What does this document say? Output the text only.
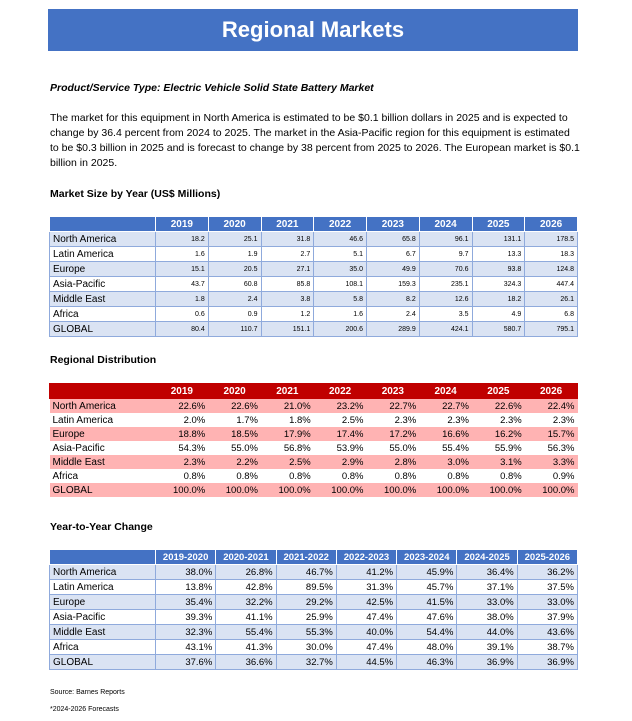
Regional Markets
Product/Service Type: Electric Vehicle Solid State Battery Market
The market for this equipment in North America is estimated to be $0.1 billion dollars in 2025 and is expected to change by 36.4 percent from 2024 to 2025. The market in the Asia-Pacific region for this equipment is estimated to be $0.3 billion in 2025 and is forecast to change by 38 percent from 2025 to 2026. The European market is $0.1 billion in 2025.
Market Size by Year (US$ Millions)
	2019	2020	2021	2022	2023	2024	2025	2026
North America	18.2	25.1	31.8	46.6	65.8	96.1	131.1	178.5
Latin America	1.6	1.9	2.7	5.1	6.7	9.7	13.3	18.3
Europe	15.1	20.5	27.1	35.0	49.9	70.6	93.8	124.8
Asia-Pacific	43.7	60.8	85.8	108.1	159.3	235.1	324.3	447.4
Middle East	1.8	2.4	3.8	5.8	8.2	12.6	18.2	26.1
Africa	0.6	0.9	1.2	1.6	2.4	3.5	4.9	6.8
GLOBAL	80.4	110.7	151.1	200.6	289.9	424.1	580.7	795.1
Regional Distribution
	2019	2020	2021	2022	2023	2024	2025	2026
North America	22.6%	22.6%	21.0%	23.2%	22.7%	22.7%	22.6%	22.4%
Latin America	2.0%	1.7%	1.8%	2.5%	2.3%	2.3%	2.3%	2.3%
Europe	18.8%	18.5%	17.9%	17.4%	17.2%	16.6%	16.2%	15.7%
Asia-Pacific	54.3%	55.0%	56.8%	53.9%	55.0%	55.4%	55.9%	56.3%
Middle East	2.3%	2.2%	2.5%	2.9%	2.8%	3.0%	3.1%	3.3%
Africa	0.8%	0.8%	0.8%	0.8%	0.8%	0.8%	0.8%	0.9%
GLOBAL	100.0%	100.0%	100.0%	100.0%	100.0%	100.0%	100.0%	100.0%
Year-to-Year Change
	2019-2020	2020-2021	2021-2022	2022-2023	2023-2024	2024-2025	2025-2026
North America	38.0%	26.8%	46.7%	41.2%	45.9%	36.4%	36.2%
Latin America	13.8%	42.8%	89.5%	31.3%	45.7%	37.1%	37.5%
Europe	35.4%	32.2%	29.2%	42.5%	41.5%	33.0%	33.0%
Asia-Pacific	39.3%	41.1%	25.9%	47.4%	47.6%	38.0%	37.9%
Middle East	32.3%	55.4%	55.3%	40.0%	54.4%	44.0%	43.6%
Africa	43.1%	41.3%	30.0%	47.4%	48.0%	39.1%	38.7%
GLOBAL	37.6%	36.6%	32.7%	44.5%	46.3%	36.9%	36.9%
Source: Barnes Reports
*2024-2026 Forecasts
